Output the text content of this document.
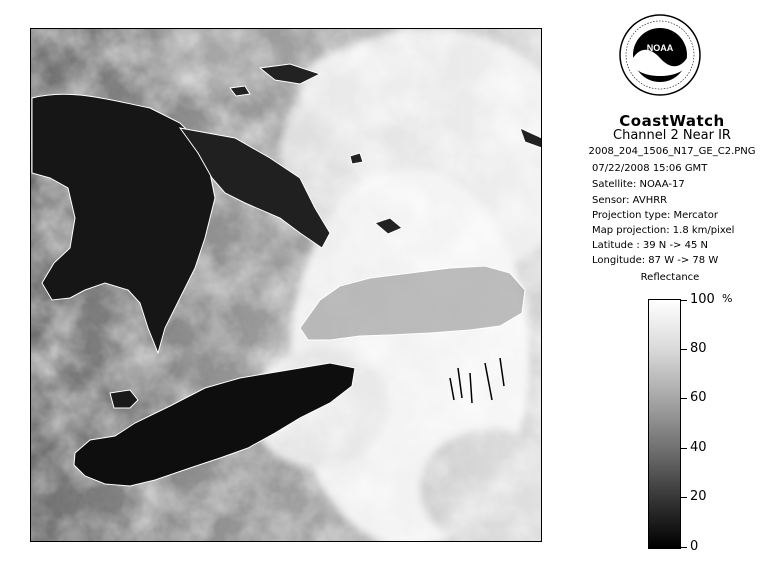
NOAA
CoastWatch
Channel 2 Near IR
2008_204_1506_N17_GE_C2.PNG
07/22/2008 15:06 GMT
Satellite: NOAA-17
Sensor: AVHRR
Projection type: Mercator
Map projection: 1.8 km/pixel
Latitude : 39 N -> 45 N
Longitude: 87 W -> 78 W
Reflectance
%
100
80
60
40
20
0
